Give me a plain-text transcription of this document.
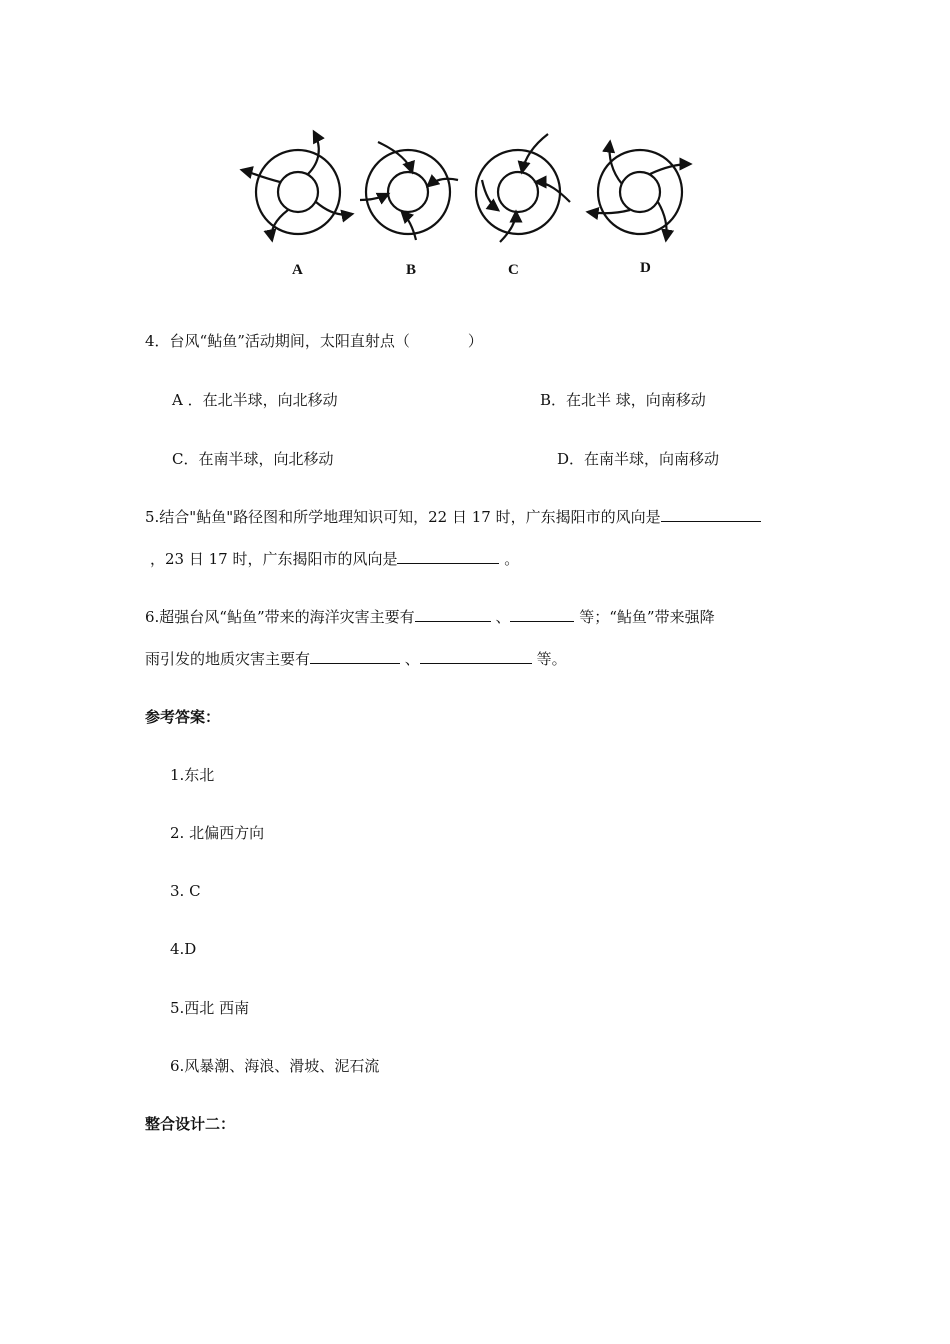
A	B	C	D
4．台风“鲇鱼”活动期间，太阳直射点（	）
A ．在北半球，向北移动	B．在北半 球，向南移动
C．在南半球，向北移动	D．在南半球，向南移动
5.结合"鲇鱼"路径图和所学地理知识可知，22 日 17 时，广东揭阳市的风向是
，23 日 17 时，广东揭阳市的风向是	。
6.超强台风“鲇鱼”带来的海洋灾害主要有	、	等；“鲇鱼”带来强降
雨引发的地质灾害主要有	、	等。
参考答案：
1.东北
2. 北偏西方向
3. C
4.D
5.西北 西南
6.风暴潮、海浪、滑坡、泥石流
整合设计二：
